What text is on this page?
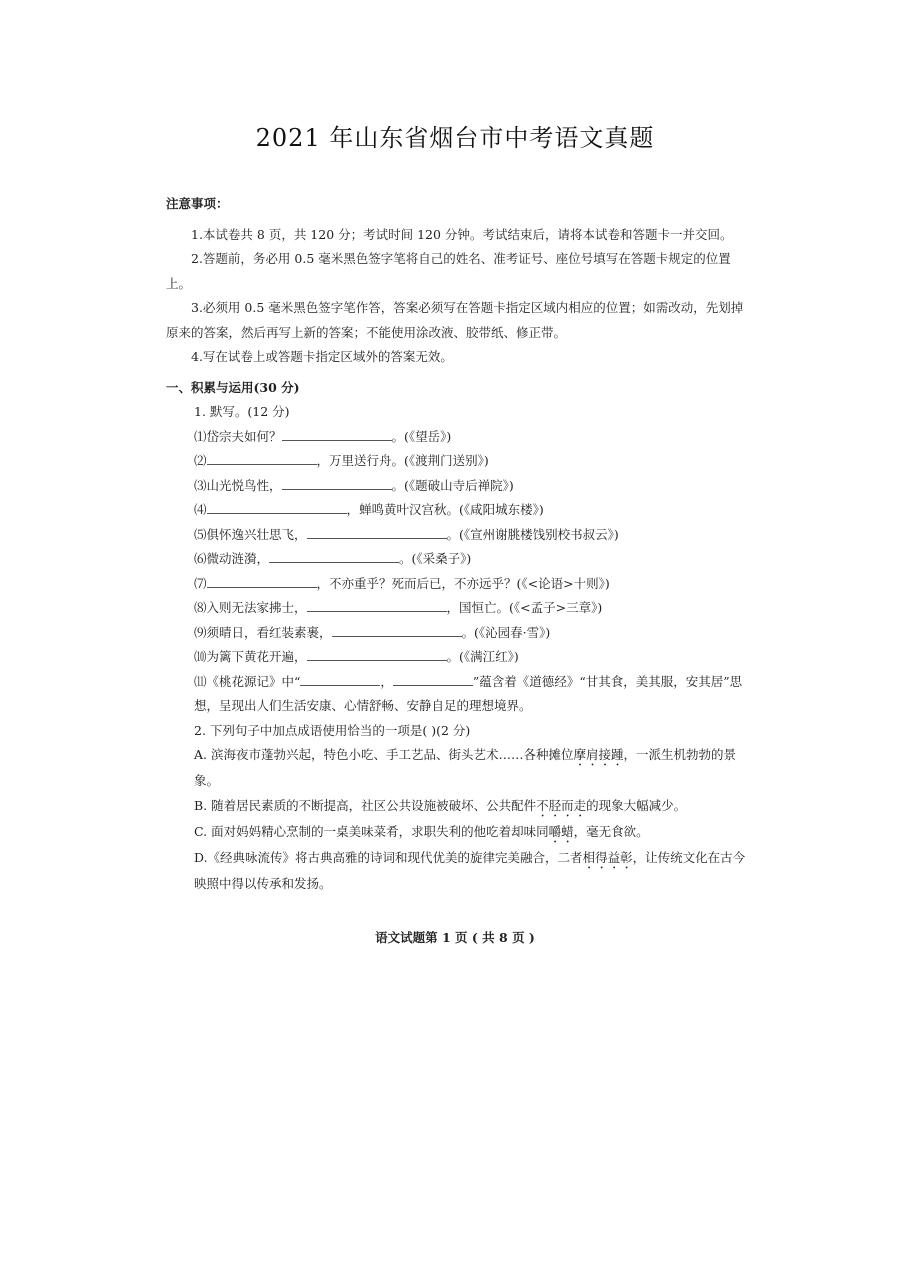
2021 年山东省烟台市中考语文真题

注意事项：

1.本试卷共 8 页，共 120 分；考试时间 120 分钟。考试结束后，请将本试卷和答题卡一并交回。

2.答题前，务必用 0.5 毫米黑色签字笔将自己的姓名、准考证号、座位号填写在答题卡规定的位置上。

3.必须用 0.5 毫米黑色签字笔作答，答案必须写在答题卡指定区域内相应的位置；如需改动，先划掉原来的答案，然后再写上新的答案；不能使用涂改液、胶带纸、修正带。

4.写在试卷上或答题卡指定区域外的答案无效。

一、积累与运用(30 分)

1. 默写。(12 分)

⑴岱宗夫如何？	。(《望岳》)

⑵	，万里送行舟。(《渡荆门送别》)

⑶山光悦鸟性，	。(《题破山寺后禅院》)

⑷	，蝉鸣黄叶汉宫秋。(《咸阳城东楼》)

⑸俱怀逸兴壮思飞，	。(《宣州谢朓楼饯别校书叔云》)

⑹微动涟漪，	。(《采桑子》)

⑺	，不亦重乎？死而后已，不亦远乎？(《<论语>十则》)

⑻入则无法家拂士，	，国恒亡。(《<孟子>三章》)

⑼须晴日，看红装素裹，	。(《沁园春·雪》)

⑽为篱下黄花开遍，	。(《满江红》)

⑾《桃花源记》中“	，	”蕴含着《道德经》“甘其食，美其服，安其居”思想，呈现出人们生活安康、心情舒畅、安静自足的理想境界。

2. 下列句子中加点成语使用恰当的一项是( )(2 分)

A. 滨海夜市蓬勃兴起，特色小吃、手工艺品、街头艺术……各种摊位摩肩接踵，一派生机勃勃的景象。

B. 随着居民素质的不断提高，社区公共设施被破坏、公共配件不胫而走的现象大幅减少。

C. 面对妈妈精心烹制的一桌美味菜肴，求职失利的他吃着却味同嚼蜡，毫无食欲。

D.《经典咏流传》将古典高雅的诗词和现代优美的旋律完美融合，二者相得益彰，让传统文化在古今映照中得以传承和发扬。

语文试题第 1 页 ( 共 8 页 )
